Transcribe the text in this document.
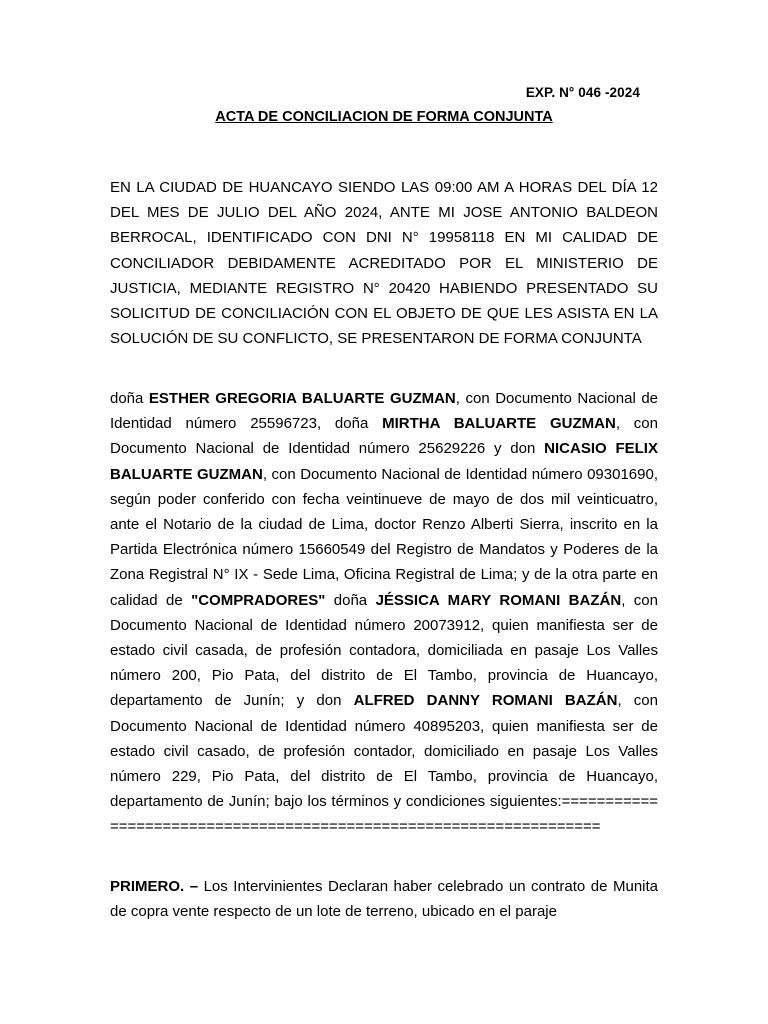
EXP. N° 046 -2024
ACTA DE CONCILIACION DE FORMA CONJUNTA

EN LA CIUDAD DE HUANCAYO SIENDO LAS 09:00 AM A HORAS DEL DÍA 12 DEL MES DE JULIO DEL AÑO 2024, ANTE MI JOSE ANTONIO BALDEON BERROCAL, IDENTIFICADO CON DNI N° 19958118 EN MI CALIDAD DE CONCILIADOR DEBIDAMENTE ACREDITADO POR EL MINISTERIO DE JUSTICIA, MEDIANTE REGISTRO N° 20420 HABIENDO PRESENTADO SU SOLICITUD DE CONCILIACIÓN CON EL OBJETO DE QUE LES ASISTA EN LA SOLUCIÓN DE SU CONFLICTO, SE PRESENTARON DE FORMA CONJUNTA

doña ESTHER GREGORIA BALUARTE GUZMAN, con Documento Nacional de Identidad número 25596723, doña MIRTHA BALUARTE GUZMAN, con Documento Nacional de Identidad número 25629226 y don NICASIO FELIX BALUARTE GUZMAN, con Documento Nacional de Identidad número 09301690, según poder conferido con fecha veintinueve de mayo de dos mil veinticuatro, ante el Notario de la ciudad de Lima, doctor Renzo Alberti Sierra, inscrito en la Partida Electrónica número 15660549 del Registro de Mandatos y Poderes de la Zona Registral N° IX - Sede Lima, Oficina Registral de Lima; y de la otra parte en calidad de "COMPRADORES" doña JÉSSICA MARY ROMANI BAZÁN, con Documento Nacional de Identidad número 20073912, quien manifiesta ser de estado civil casada, de profesión contadora, domiciliada en pasaje Los Valles número 200, Pio Pata, del distrito de El Tambo, provincia de Huancayo, departamento de Junín; y don ALFRED DANNY ROMANI BAZÁN, con Documento Nacional de Identidad número 40895203, quien manifiesta ser de estado civil casado, de profesión contador, domiciliado en pasaje Los Valles número 229, Pio Pata, del distrito de El Tambo, provincia de Huancayo, departamento de Junín; bajo los términos y condiciones siguientes:===================================================================

PRIMERO. – Los Intervinientes Declaran haber celebrado un contrato de Munita de copra vente respecto de un lote de terreno, ubicado en el paraje
